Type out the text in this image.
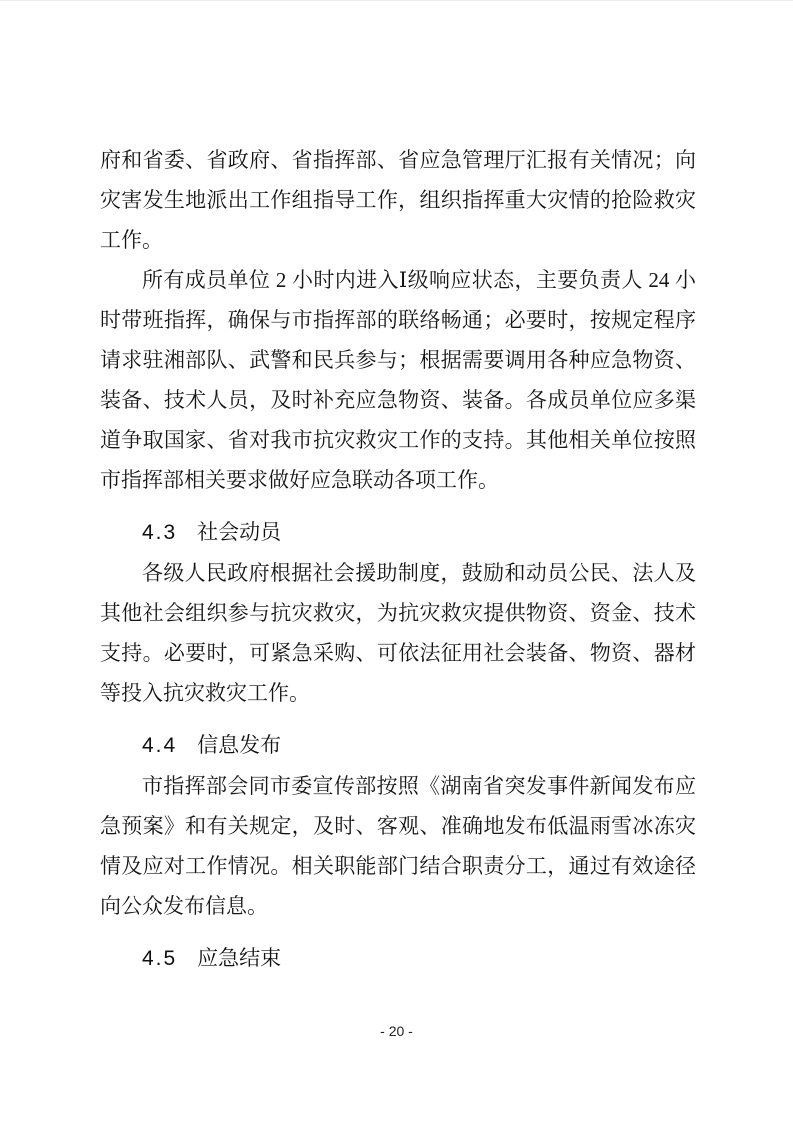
府和省委、省政府、省指挥部、省应急管理厅汇报有关情况；向灾害发生地派出工作组指导工作，组织指挥重大灾情的抢险救灾工作。

所有成员单位 2 小时内进入Ⅰ级响应状态，主要负责人 24 小时带班指挥，确保与市指挥部的联络畅通；必要时，按规定程序请求驻湘部队、武警和民兵参与；根据需要调用各种应急物资、装备、技术人员，及时补充应急物资、装备。各成员单位应多渠道争取国家、省对我市抗灾救灾工作的支持。其他相关单位按照市指挥部相关要求做好应急联动各项工作。

4.3 社会动员

各级人民政府根据社会援助制度，鼓励和动员公民、法人及其他社会组织参与抗灾救灾，为抗灾救灾提供物资、资金、技术支持。必要时，可紧急采购、可依法征用社会装备、物资、器材等投入抗灾救灾工作。

4.4 信息发布

市指挥部会同市委宣传部按照《湖南省突发事件新闻发布应急预案》和有关规定，及时、客观、准确地发布低温雨雪冰冻灾情及应对工作情况。相关职能部门结合职责分工，通过有效途径向公众发布信息。

4.5 应急结束
- 20 -
